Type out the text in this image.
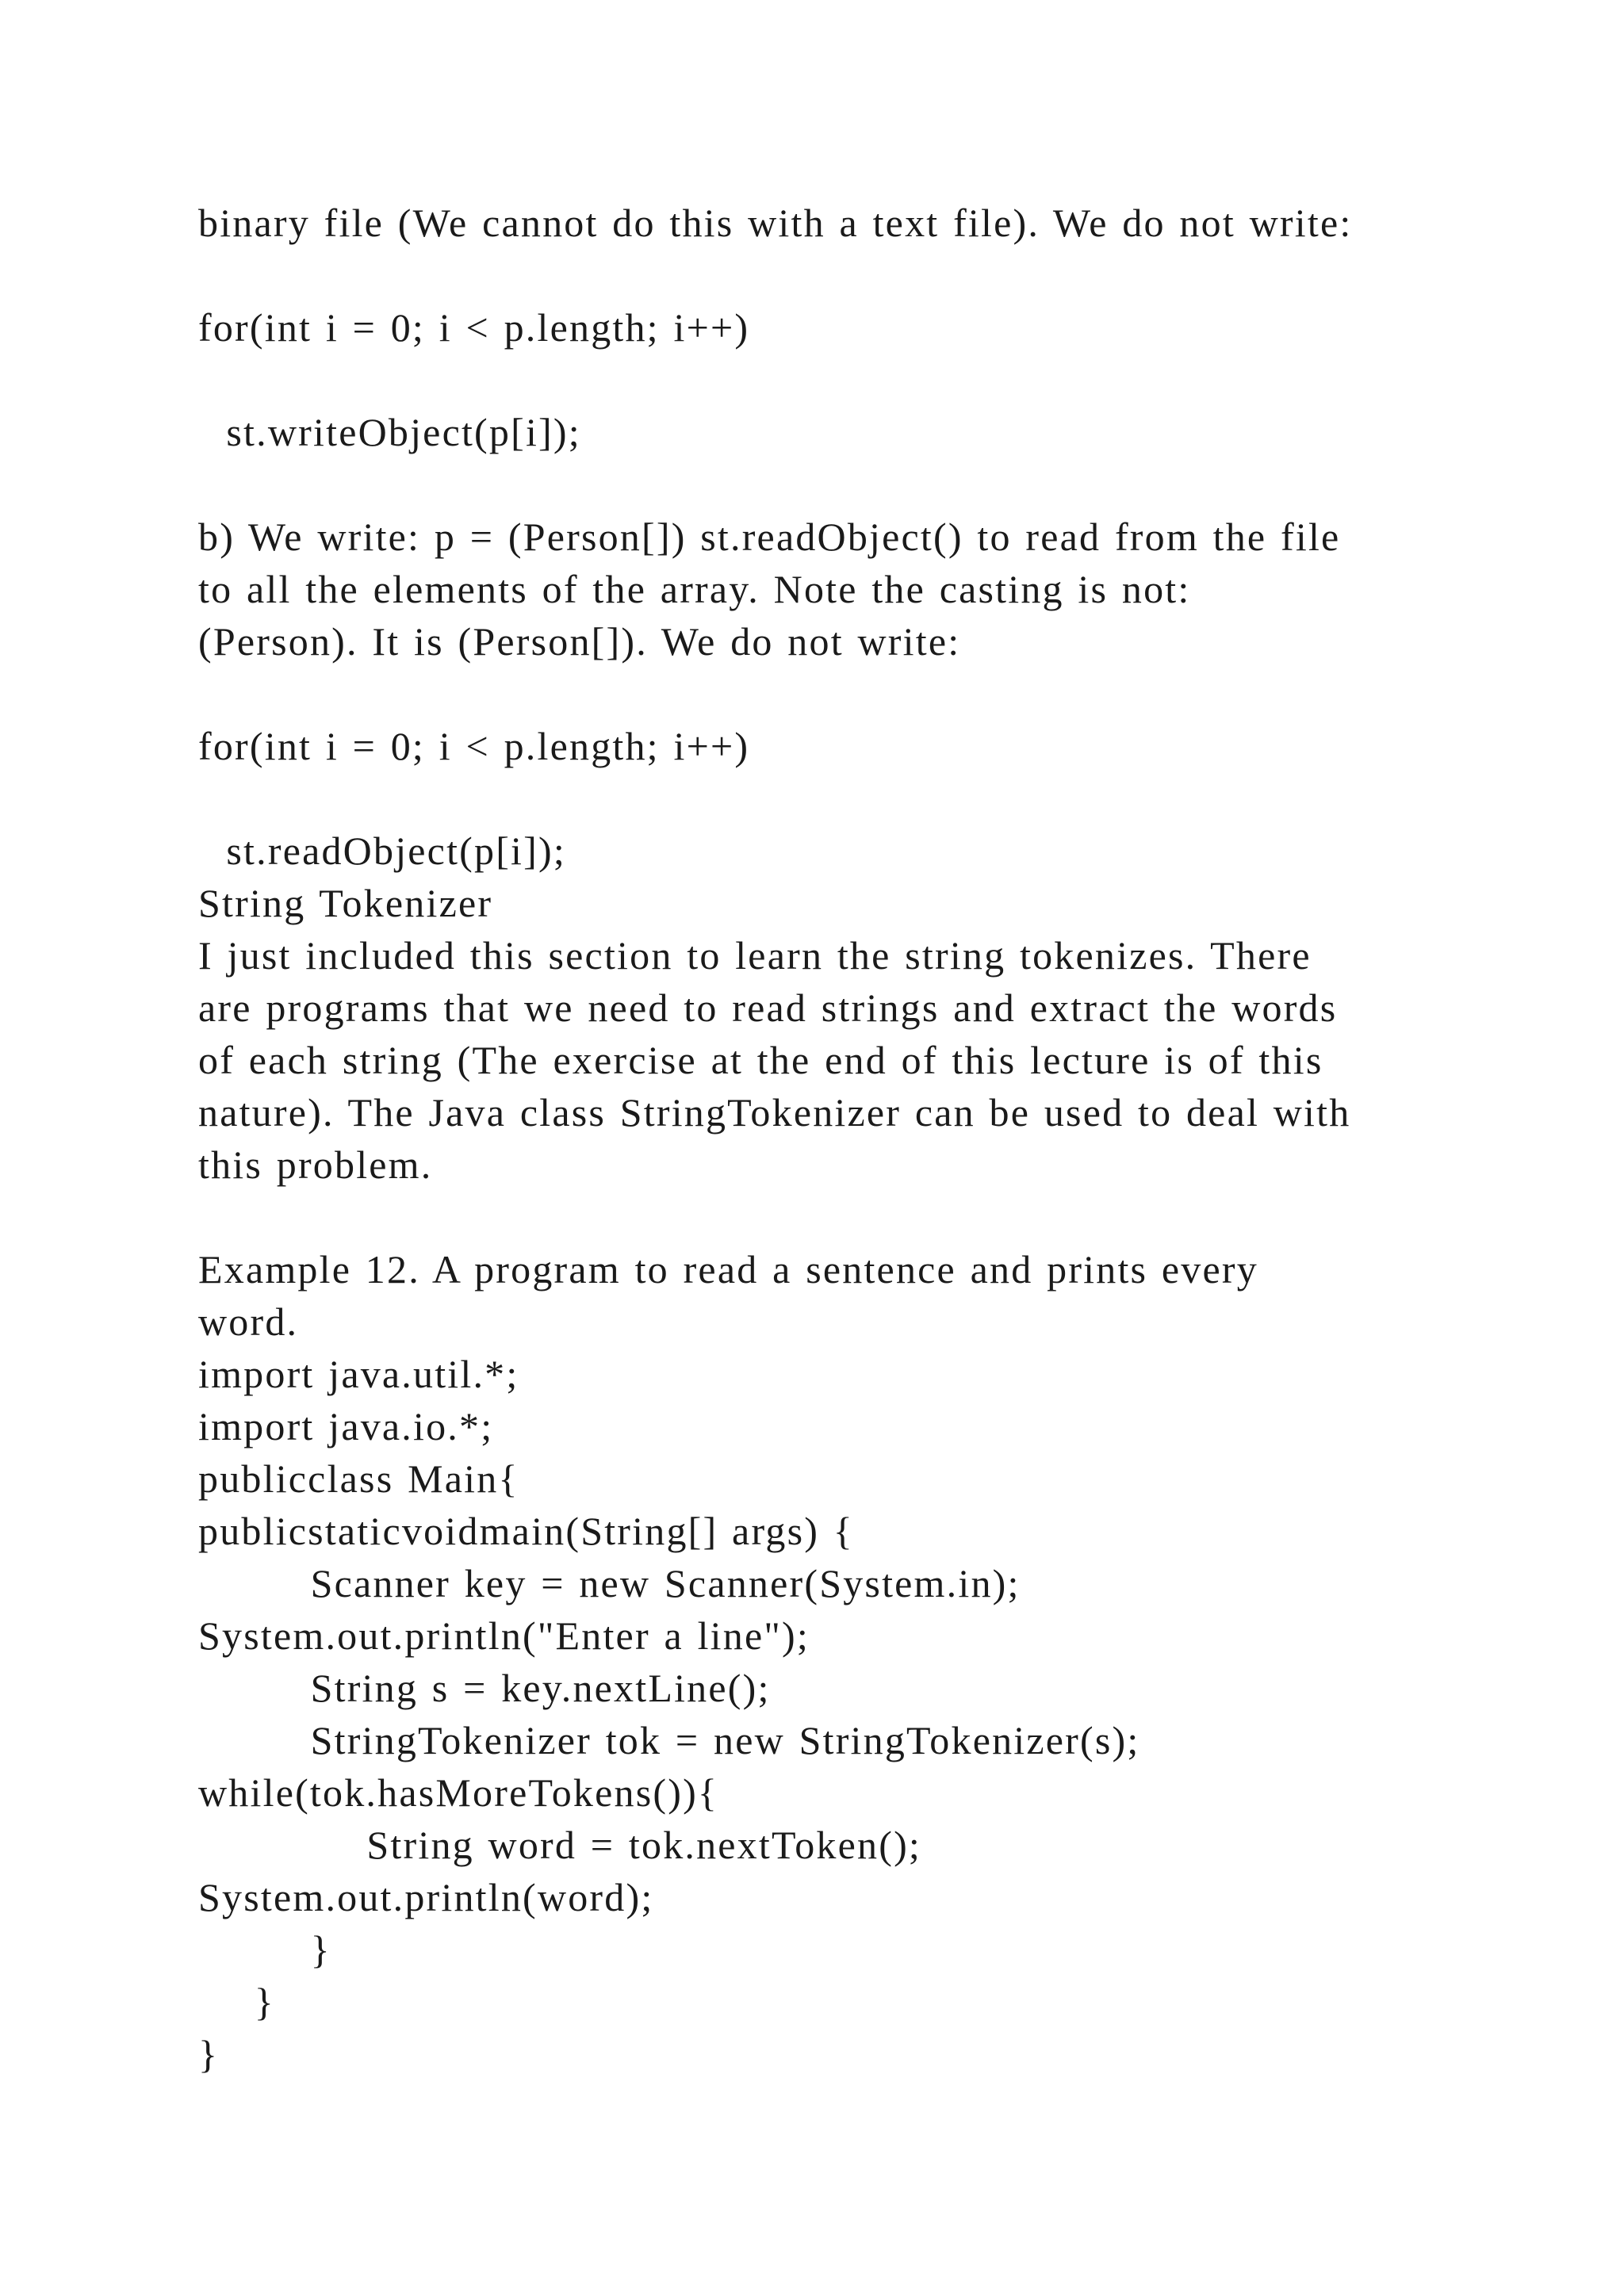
binary file (We cannot do this with a text file). We do not write:
for(int i = 0; i < p.length; i++)
st.writeObject(p[i]);
b) We write: p = (Person[]) st.readObject() to read from the file
to all the elements of the array. Note the casting is not:
(Person). It is (Person[]). We do not write:
for(int i = 0; i < p.length; i++)
st.readObject(p[i]);
String Tokenizer
I just included this section to learn the string tokenizes. There
are programs that we need to read strings and extract the words
of each string (The exercise at the end of this lecture is of this
nature). The Java class StringTokenizer can be used to deal with
this problem.
Example 12. A program to read a sentence and prints every
word.
import java.util.*;
import java.io.*;
publicclass Main{
publicstaticvoidmain(String[] args) {
Scanner key = new Scanner(System.in);
System.out.println("Enter a line");
String s = key.nextLine();
StringTokenizer tok = new StringTokenizer(s);
while(tok.hasMoreTokens()){
String word = tok.nextToken();
System.out.println(word);
}
}
}
